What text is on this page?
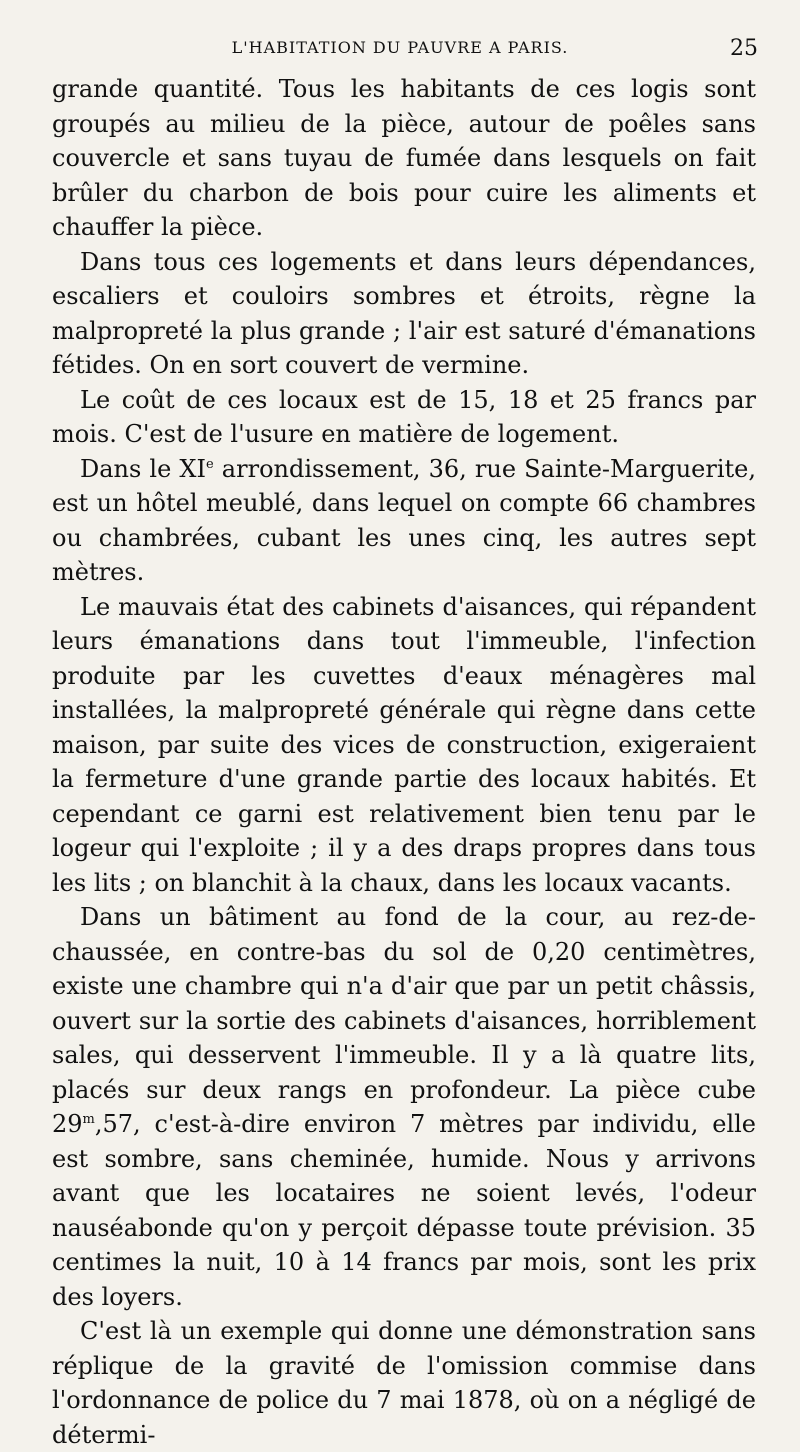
L'HABITATION DU PAUVRE A PARIS.	25

grande quantité. Tous les habitants de ces logis sont groupés au milieu de la pièce, autour de poêles sans couvercle et sans tuyau de fumée dans lesquels on fait brûler du charbon de bois pour cuire les aliments et chauffer la pièce.

Dans tous ces logements et dans leurs dépendances, escaliers et couloirs sombres et étroits, règne la malpropreté la plus grande ; l'air est saturé d'émanations fétides. On en sort couvert de vermine.

Le coût de ces locaux est de 15, 18 et 25 francs par mois. C'est de l'usure en matière de logement.

Dans le XIe arrondissement, 36, rue Sainte-Marguerite, est un hôtel meublé, dans lequel on compte 66 chambres ou chambrées, cubant les unes cinq, les autres sept mètres.

Le mauvais état des cabinets d'aisances, qui répandent leurs émanations dans tout l'immeuble, l'infection produite par les cuvettes d'eaux ménagères mal installées, la malpropreté générale qui règne dans cette maison, par suite des vices de construction, exigeraient la fermeture d'une grande partie des locaux habités. Et cependant ce garni est relativement bien tenu par le logeur qui l'exploite ; il y a des draps propres dans tous les lits ; on blanchit à la chaux, dans les locaux vacants.

Dans un bâtiment au fond de la cour, au rez-de-chaussée, en contre-bas du sol de 0,20 centimètres, existe une chambre qui n'a d'air que par un petit châssis, ouvert sur la sortie des cabinets d'aisances, horriblement sales, qui desservent l'immeuble. Il y a là quatre lits, placés sur deux rangs en profondeur. La pièce cube 29$^m$,57, c'est-à-dire environ 7 mètres par individu, elle est sombre, sans cheminée, humide. Nous y arrivons avant que les locataires ne soient levés, l'odeur nauséabonde qu'on y perçoit dépasse toute prévision. 35 centimes la nuit, 10 à 14 francs par mois, sont les prix des loyers.

C'est là un exemple qui donne une démonstration sans réplique de la gravité de l'omission commise dans l'ordonnance de police du 7 mai 1878, où on a négligé de détermi-
